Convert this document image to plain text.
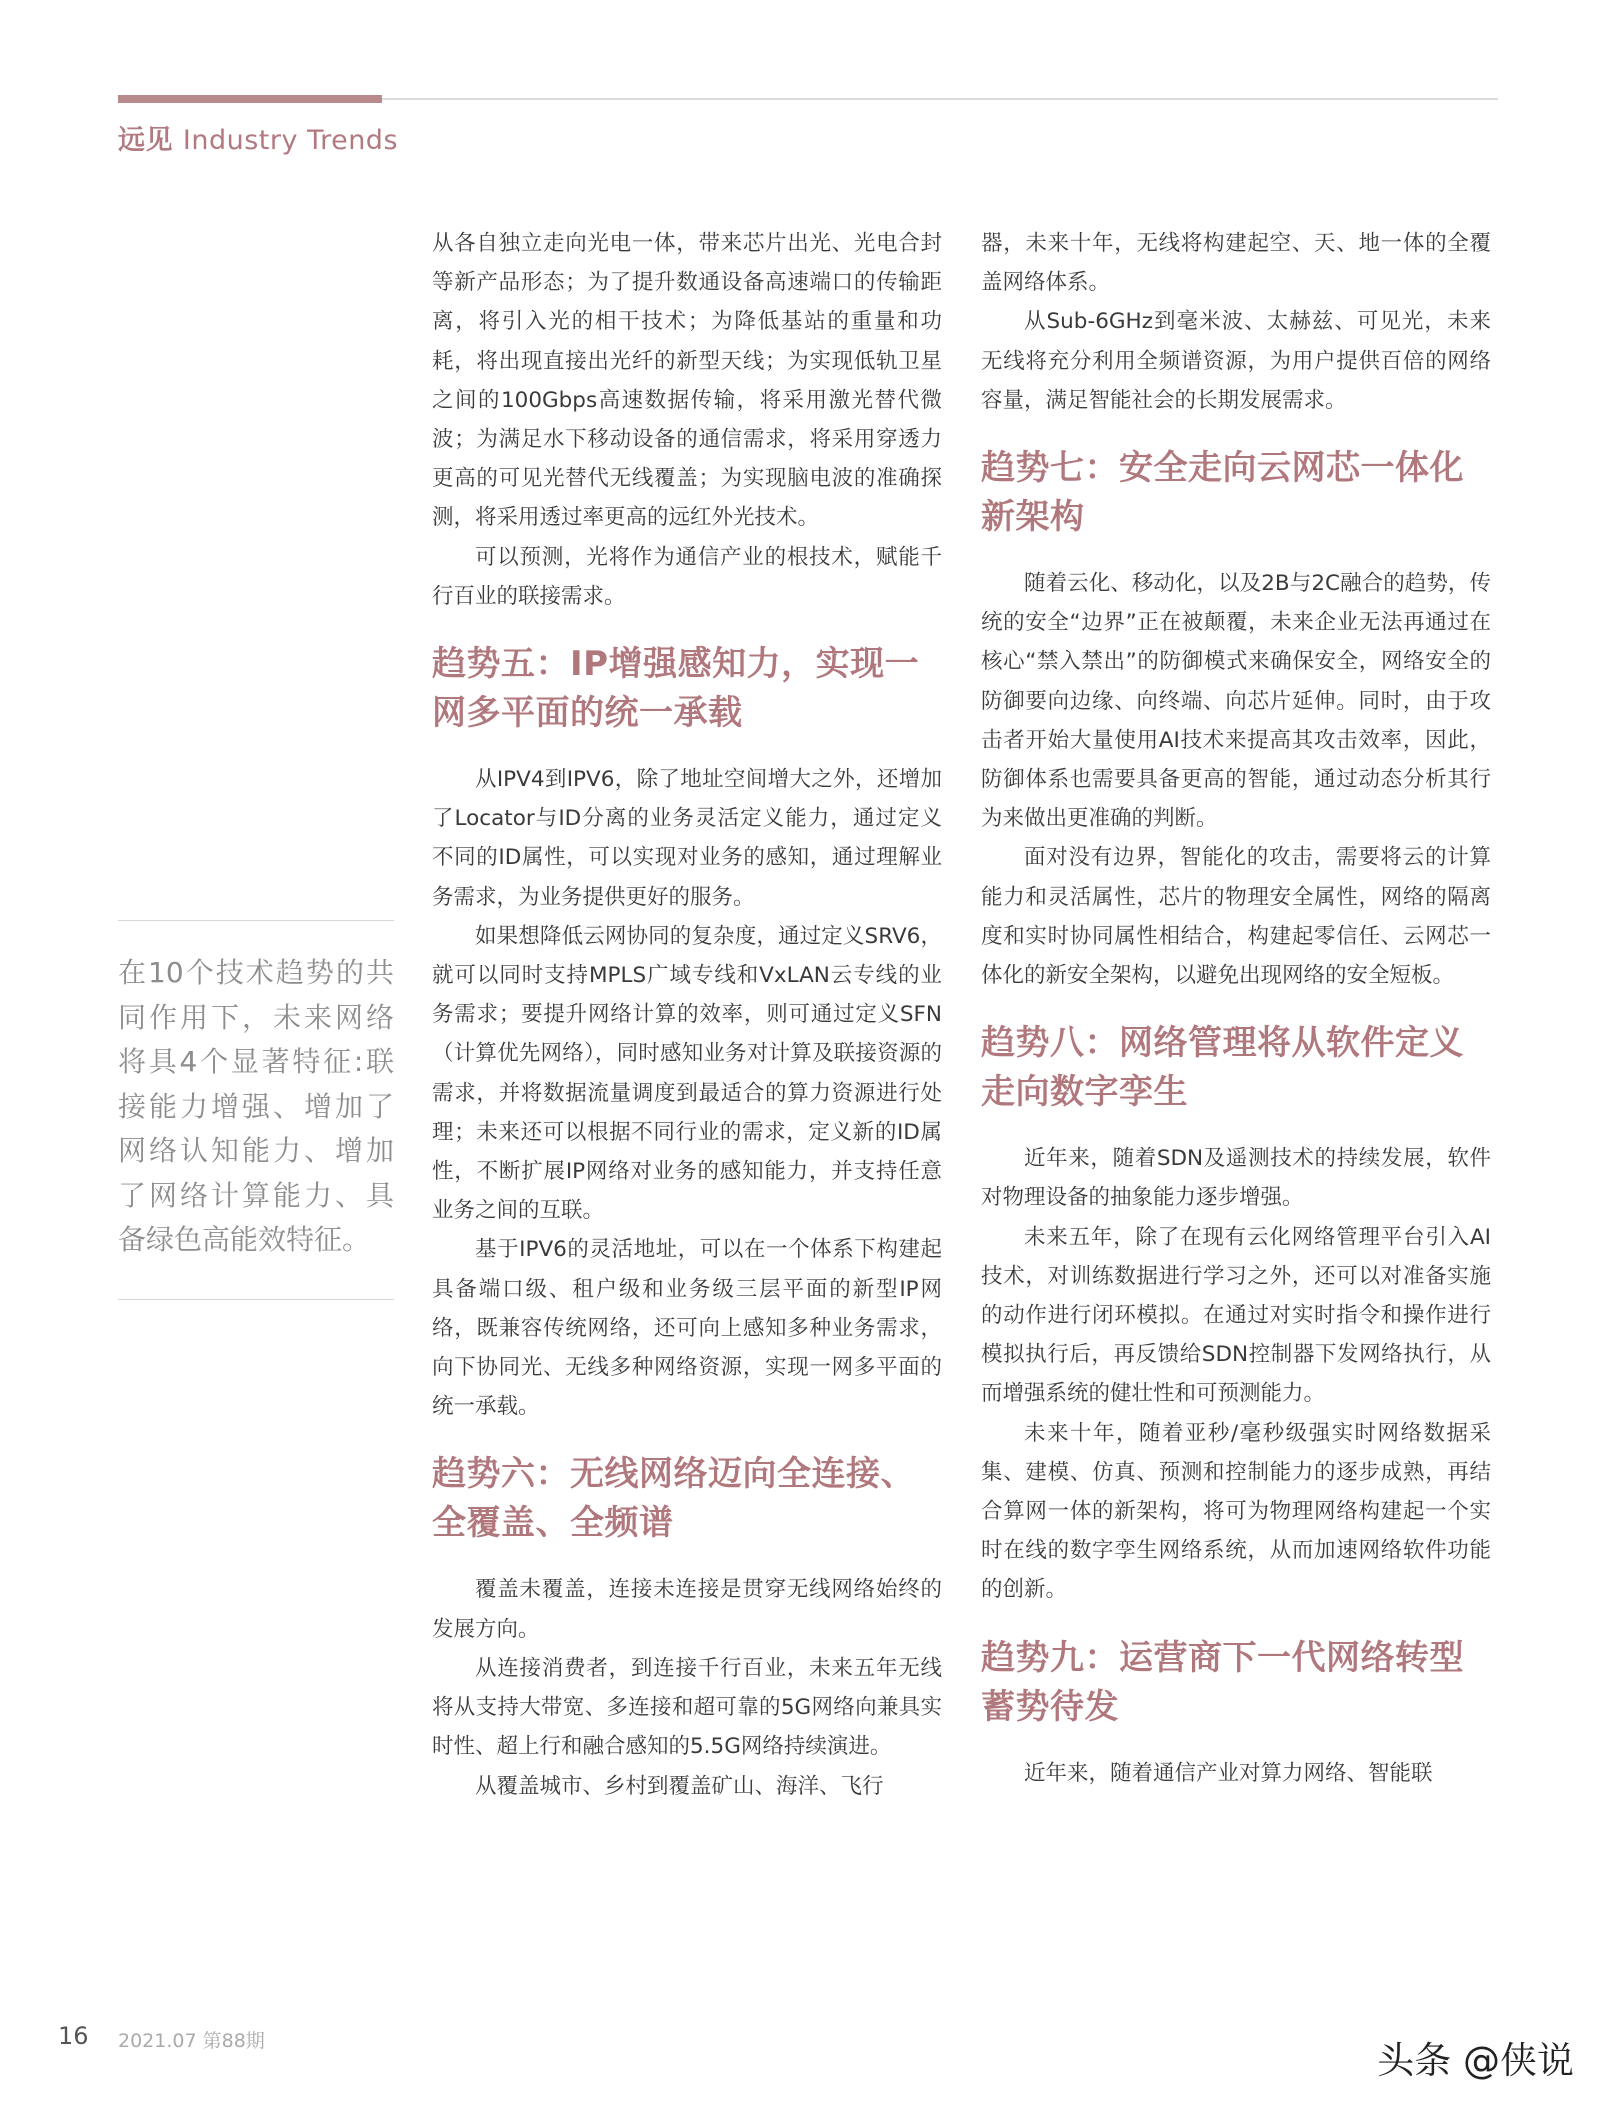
远见 Industry Trends
在10个技术趋势的共同作用下，未来网络将具4个显著特征:联接能力增强、增加了网络认知能力、增加了网络计算能力、具备绿色高能效特征。

从各自独立走向光电一体，带来芯片出光、光电合封等新产品形态；为了提升数通设备高速端口的传输距离，将引入光的相干技术；为降低基站的重量和功耗，将出现直接出光纤的新型天线；为实现低轨卫星之间的100Gbps高速数据传输，将采用激光替代微波；为满足水下移动设备的通信需求，将采用穿透力更高的可见光替代无线覆盖；为实现脑电波的准确探测，将采用透过率更高的远红外光技术。

可以预测，光将作为通信产业的根技术，赋能千行百业的联接需求。

趋势五：IP增强感知力，实现一网多平面的统一承载

从IPV4到IPV6，除了地址空间增大之外，还增加了Locator与ID分离的业务灵活定义能力，通过定义不同的ID属性，可以实现对业务的感知，通过理解业务需求，为业务提供更好的服务。

如果想降低云网协同的复杂度，通过定义SRV6，就可以同时支持MPLS广域专线和VxLAN云专线的业务需求；要提升网络计算的效率，则可通过定义SFN（计算优先网络），同时感知业务对计算及联接资源的需求，并将数据流量调度到最适合的算力资源进行处理；未来还可以根据不同行业的需求，定义新的ID属性，不断扩展IP网络对业务的感知能力，并支持任意业务之间的互联。

基于IPV6的灵活地址，可以在一个体系下构建起具备端口级、租户级和业务级三层平面的新型IP网络，既兼容传统网络，还可向上感知多种业务需求，向下协同光、无线多种网络资源，实现一网多平面的统一承载。

趋势六：无线网络迈向全连接、全覆盖、全频谱

覆盖未覆盖，连接未连接是贯穿无线网络始终的发展方向。

从连接消费者，到连接千行百业，未来五年无线将从支持大带宽、多连接和超可靠的5G网络向兼具实时性、超上行和融合感知的5.5G网络持续演进。

从覆盖城市、乡村到覆盖矿山、海洋、飞行

器，未来十年，无线将构建起空、天、地一体的全覆盖网络体系。

从Sub-6GHz到毫米波、太赫兹、可见光，未来无线将充分利用全频谱资源，为用户提供百倍的网络容量，满足智能社会的长期发展需求。

趋势七：安全走向云网芯一体化新架构

随着云化、移动化，以及2B与2C融合的趋势，传统的安全“边界”正在被颠覆，未来企业无法再通过在核心“禁入禁出”的防御模式来确保安全，网络安全的防御要向边缘、向终端、向芯片延伸。同时，由于攻击者开始大量使用AI技术来提高其攻击效率，因此，防御体系也需要具备更高的智能，通过动态分析其行为来做出更准确的判断。

面对没有边界，智能化的攻击，需要将云的计算能力和灵活属性，芯片的物理安全属性，网络的隔离度和实时协同属性相结合，构建起零信任、云网芯一体化的新安全架构，以避免出现网络的安全短板。

趋势八：网络管理将从软件定义走向数字孪生

近年来，随着SDN及遥测技术的持续发展，软件对物理设备的抽象能力逐步增强。

未来五年，除了在现有云化网络管理平台引入AI技术，对训练数据进行学习之外，还可以对准备实施的动作进行闭环模拟。在通过对实时指令和操作进行模拟执行后，再反馈给SDN控制器下发网络执行，从而增强系统的健壮性和可预测能力。

未来十年，随着亚秒/毫秒级强实时网络数据采集、建模、仿真、预测和控制能力的逐步成熟，再结合算网一体的新架构，将可为物理网络构建起一个实时在线的数字孪生网络系统，从而加速网络软件功能的创新。

趋势九：运营商下一代网络转型蓄势待发

近年来，随着通信产业对算力网络、智能联

16 2021.07 第88期	头条 @侠说
